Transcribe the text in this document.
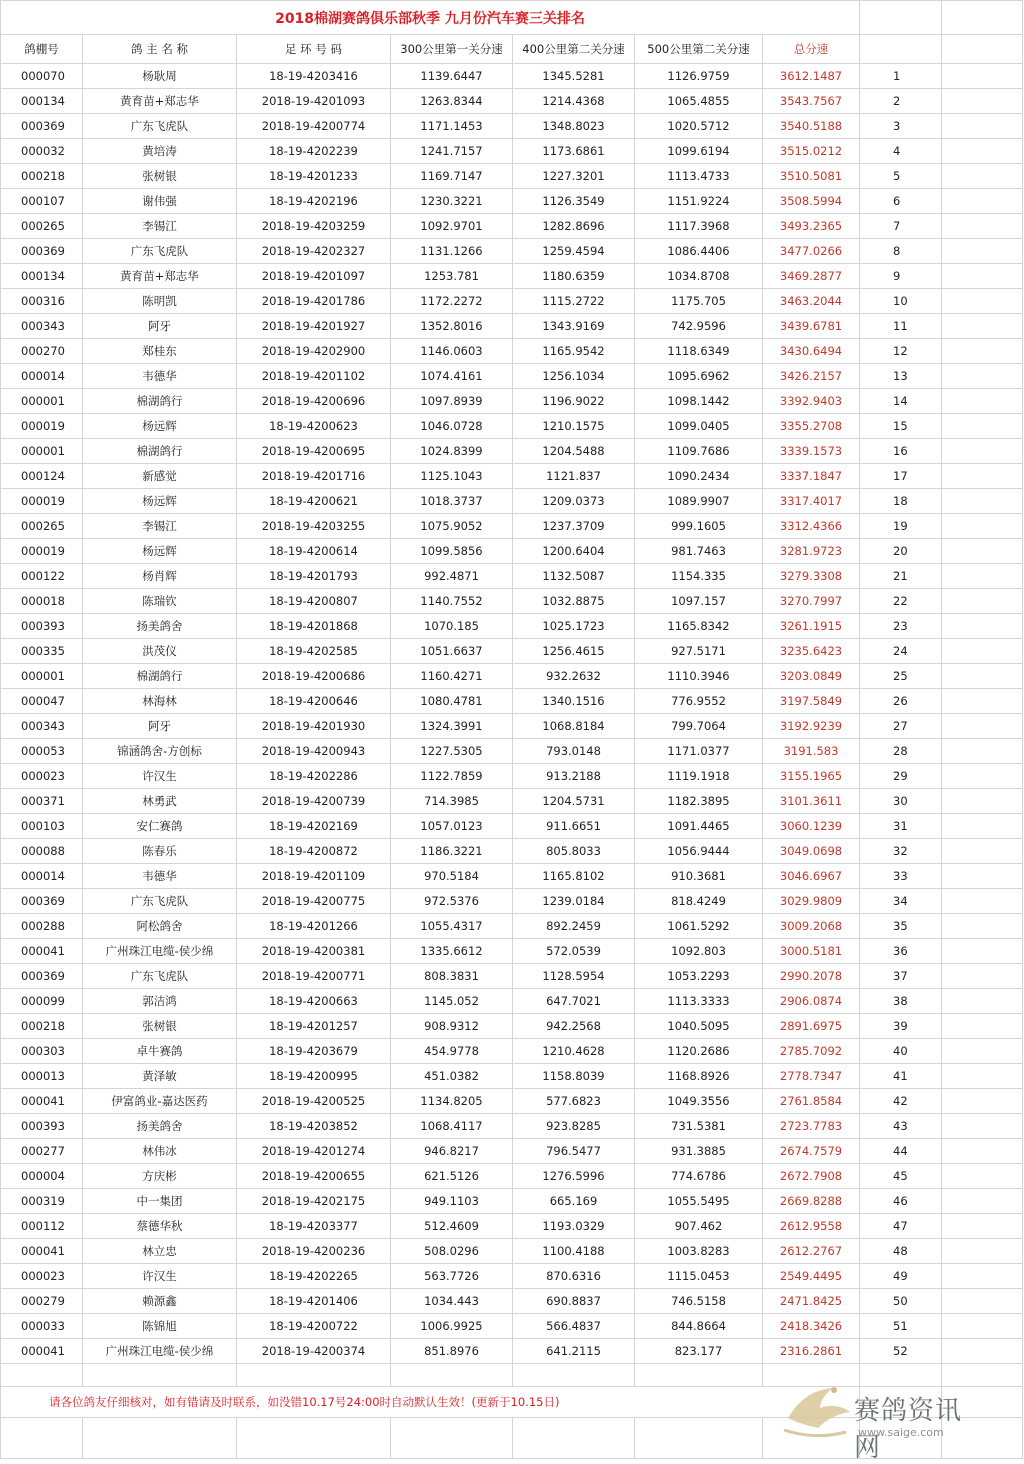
2018棉湖赛鸽俱乐部秋季 九月份汽车赛三关排名								
鸽棚号	鸽 主 名 称	足 环 号 码	300公里第一关分速	400公里第二关分速	500公里第二关分速	总分速		
000070	杨耿周	18-19-4203416	1139.6447	1345.5281	1126.9759	3612.1487	1	
000134	黄育苗+郑志华	2018-19-4201093	1263.8344	1214.4368	1065.4855	3543.7567	2	
000369	广东飞虎队	2018-19-4200774	1171.1453	1348.8023	1020.5712	3540.5188	3	
000032	黄培涛	18-19-4202239	1241.7157	1173.6861	1099.6194	3515.0212	4	
000218	张树银	18-19-4201233	1169.7147	1227.3201	1113.4733	3510.5081	5	
000107	谢伟强	18-19-4202196	1230.3221	1126.3549	1151.9224	3508.5994	6	
000265	李锡江	2018-19-4203259	1092.9701	1282.8696	1117.3968	3493.2365	7	
000369	广东飞虎队	2018-19-4202327	1131.1266	1259.4594	1086.4406	3477.0266	8	
000134	黄育苗+郑志华	2018-19-4201097	1253.781	1180.6359	1034.8708	3469.2877	9	
000316	陈明凯	2018-19-4201786	1172.2272	1115.2722	1175.705	3463.2044	10	
000343	阿牙	2018-19-4201927	1352.8016	1343.9169	742.9596	3439.6781	11	
000270	郑桂东	2018-19-4202900	1146.0603	1165.9542	1118.6349	3430.6494	12	
000014	韦德华	2018-19-4201102	1074.4161	1256.1034	1095.6962	3426.2157	13	
000001	棉湖鸽行	2018-19-4200696	1097.8939	1196.9022	1098.1442	3392.9403	14	
000019	杨远辉	18-19-4200623	1046.0728	1210.1575	1099.0405	3355.2708	15	
000001	棉湖鸽行	2018-19-4200695	1024.8399	1204.5488	1109.7686	3339.1573	16	
000124	新感觉	2018-19-4201716	1125.1043	1121.837	1090.2434	3337.1847	17	
000019	杨远辉	18-19-4200621	1018.3737	1209.0373	1089.9907	3317.4017	18	
000265	李锡江	2018-19-4203255	1075.9052	1237.3709	999.1605	3312.4366	19	
000019	杨远辉	18-19-4200614	1099.5856	1200.6404	981.7463	3281.9723	20	
000122	杨肖辉	18-19-4201793	992.4871	1132.5087	1154.335	3279.3308	21	
000018	陈瑞钦	18-19-4200807	1140.7552	1032.8875	1097.157	3270.7997	22	
000393	扬美鸽舍	18-19-4201868	1070.185	1025.1723	1165.8342	3261.1915	23	
000335	洪茂仪	18-19-4202585	1051.6637	1256.4615	927.5171	3235.6423	24	
000001	棉湖鸽行	2018-19-4200686	1160.4271	932.2632	1110.3946	3203.0849	25	
000047	林海林	18-19-4200646	1080.4781	1340.1516	776.9552	3197.5849	26	
000343	阿牙	2018-19-4201930	1324.3991	1068.8184	799.7064	3192.9239	27	
000053	锦涵鸽舍-方创标	2018-19-4200943	1227.5305	793.0148	1171.0377	3191.583	28	
000023	许汉生	18-19-4202286	1122.7859	913.2188	1119.1918	3155.1965	29	
000371	林勇武	2018-19-4200739	714.3985	1204.5731	1182.3895	3101.3611	30	
000103	安仁赛鸽	18-19-4202169	1057.0123	911.6651	1091.4465	3060.1239	31	
000088	陈春乐	18-19-4200872	1186.3221	805.8033	1056.9444	3049.0698	32	
000014	韦德华	2018-19-4201109	970.5184	1165.8102	910.3681	3046.6967	33	
000369	广东飞虎队	2018-19-4200775	972.5376	1239.0184	818.4249	3029.9809	34	
000288	阿松鸽舍	18-19-4201266	1055.4317	892.2459	1061.5292	3009.2068	35	
000041	广州珠江电缆-侯少绵	2018-19-4200381	1335.6612	572.0539	1092.803	3000.5181	36	
000369	广东飞虎队	2018-19-4200771	808.3831	1128.5954	1053.2293	2990.2078	37	
000099	郭洁鸿	18-19-4200663	1145.052	647.7021	1113.3333	2906.0874	38	
000218	张树银	18-19-4201257	908.9312	942.2568	1040.5095	2891.6975	39	
000303	卓牛赛鸽	18-19-4203679	454.9778	1210.4628	1120.2686	2785.7092	40	
000013	黄泽敏	18-19-4200995	451.0382	1158.8039	1168.8926	2778.7347	41	
000041	伊富鸽业-嘉达医药	2018-19-4200525	1134.8205	577.6823	1049.3556	2761.8584	42	
000393	扬美鸽舍	18-19-4203852	1068.4117	923.8285	731.5381	2723.7783	43	
000277	林伟冰	2018-19-4201274	946.8217	796.5477	931.3885	2674.7579	44	
000004	方庆彬	2018-19-4200655	621.5126	1276.5996	774.6786	2672.7908	45	
000319	中一集团	2018-19-4202175	949.1103	665.169	1055.5495	2669.8288	46	
000112	蔡德华秋	18-19-4203377	512.4609	1193.0329	907.462	2612.9558	47	
000041	林立忠	2018-19-4200236	508.0296	1100.4188	1003.8283	2612.2767	48	
000023	许汉生	18-19-4202265	563.7726	870.6316	1115.0453	2549.4495	49	
000279	赖源鑫	18-19-4201406	1034.443	690.8837	746.5158	2471.8425	50	
000033	陈锦旭	18-19-4200722	1006.9925	566.4837	844.8664	2418.3426	51	
000041	广州珠江电缆-侯少绵	2018-19-4200374	851.8976	641.2115	823.177	2316.2861	52	

请各位鸽友仔细核对，如有错请及时联系，如没错10.17号24:00时自动默认生效！(更新于10.15日)								
									赛鸽资讯网
www.saige.com
